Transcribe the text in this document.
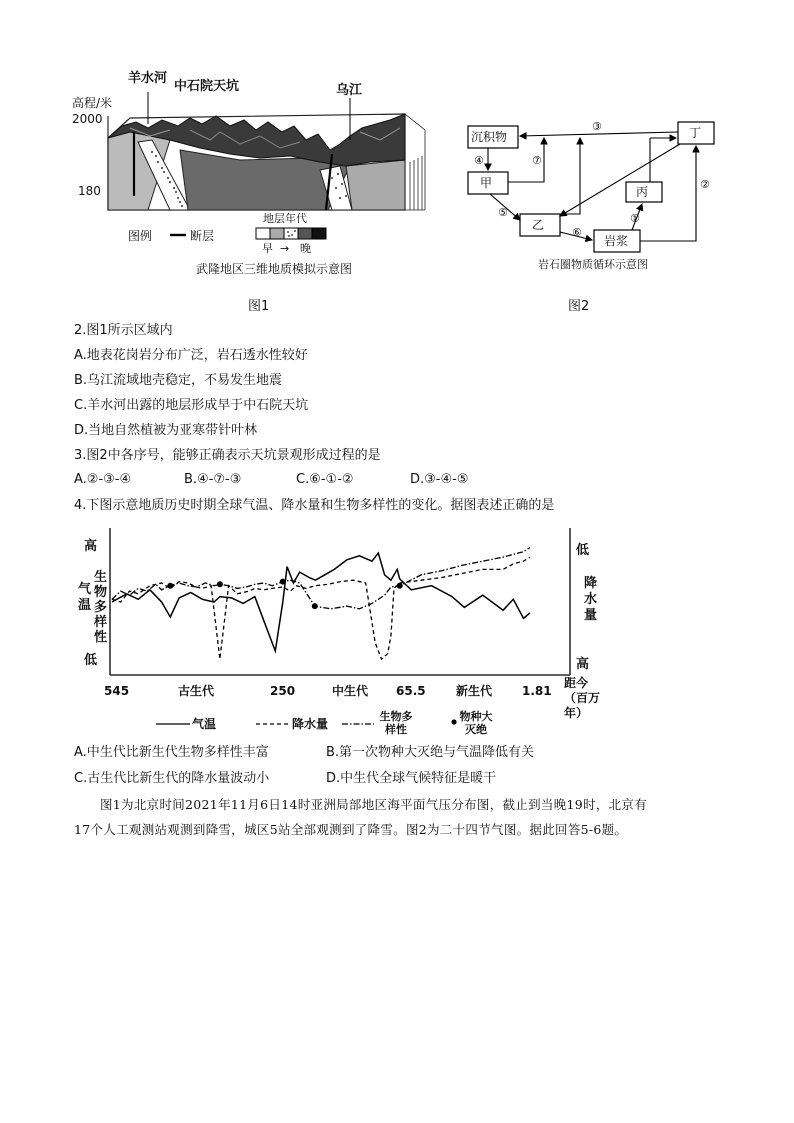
羊水河
中石院天坑	乌江
高程/米
2000
180
图例	断层
地层年代
早 → 晚
武隆地区三维地质模拟示意图
图1
沉积物
甲
乙
丙
丁
岩浆
①
②
③
④
⑤
⑥
⑦
岩石圈物质循环示意图
图2
2.图1所示区域内
A.地表花岗岩分布广泛，岩石透水性较好
B.乌江流域地壳稳定，不易发生地震
C.羊水河出露的地层形成早于中石院天坑
D.当地自然植被为亚寒带针叶林
3.图2中各序号，能够正确表示天坑景观形成过程的是
A.②-③-④	B.④-⑦-③	C.⑥-①-②	D.③-④-⑤
4.下图示意地质历史时期全球气温、降水量和生物多样性的变化。据图表述正确的是
高
低
气温
生物多样性
低
高
降水量
545	古生代	250	中生代 65.5	新生代 1.81
距今（百万年）
气温	降水量
生物多样性
物种大灭绝
A.中生代比新生代生物多样性丰富	B.第一次物种大灭绝与气温降低有关
C.古生代比新生代的降水量波动小	D.中生代全球气候特征是暖干
图1为北京时间2021年11月6日14时亚洲局部地区海平面气压分布图，截止到当晚19时，北京有
17个人工观测站观测到降雪，城区5站全部观测到了降雪。图2为二十四节气图。据此回答5-6题。
